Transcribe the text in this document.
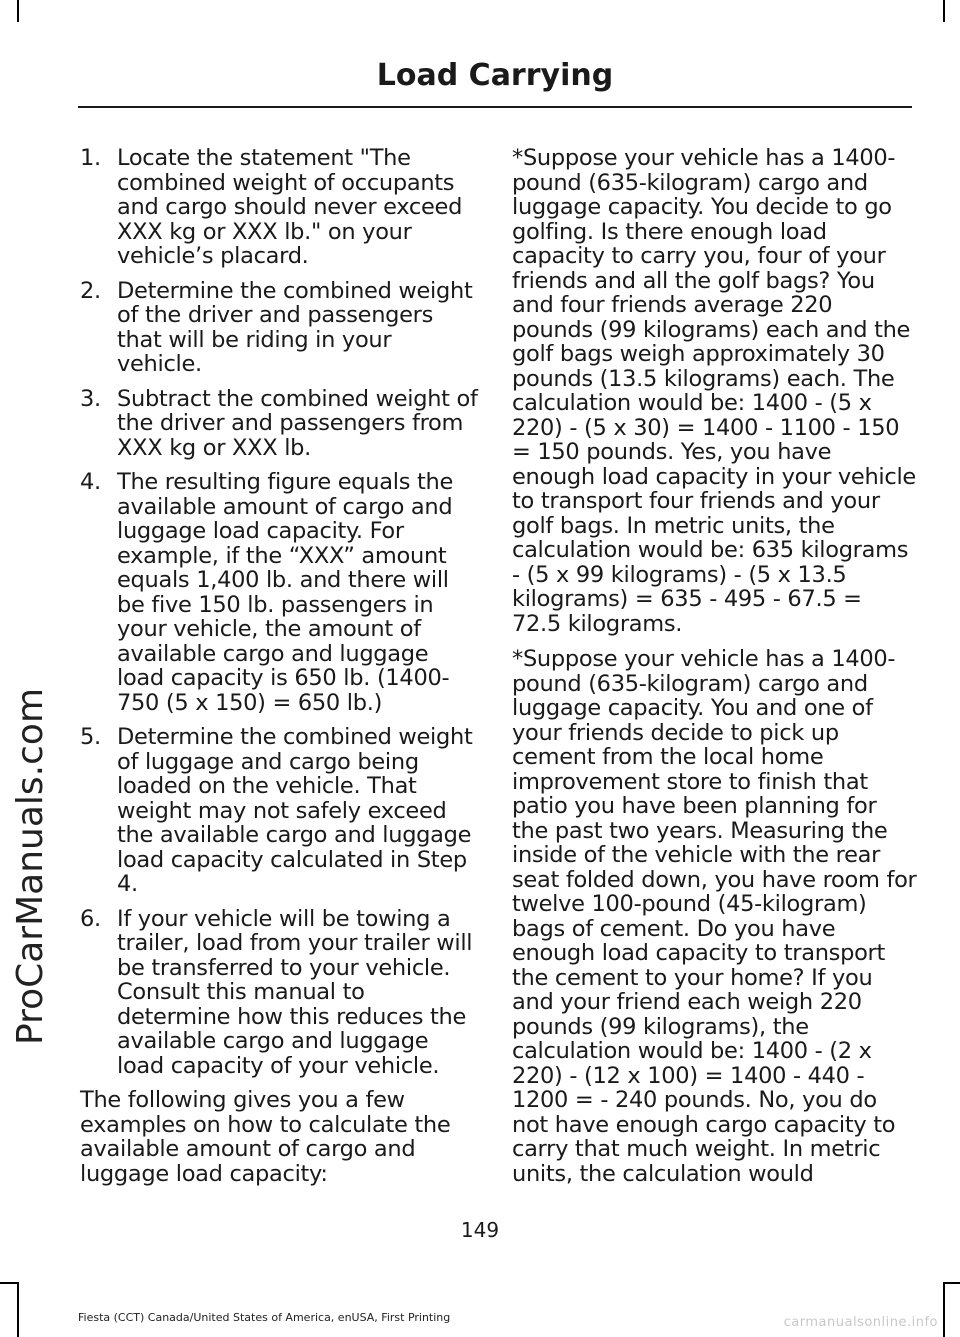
ProCarManuals.com
Load Carrying
1. Locate the statement "The combined weight of occupants and cargo should never exceed XXX kg or XXX lb." on your vehicle’s placard.
2. Determine the combined weight of the driver and passengers that will be riding in your vehicle.
3. Subtract the combined weight of the driver and passengers from XXX kg or XXX lb.
4. The resulting figure equals the available amount of cargo and luggage load capacity. For example, if the “XXX” amount equals 1,400 lb. and there will be five 150 lb. passengers in your vehicle, the amount of available cargo and luggage load capacity is 650 lb. (1400-750 (5 x 150) = 650 lb.)
5. Determine the combined weight of luggage and cargo being loaded on the vehicle. That weight may not safely exceed the available cargo and luggage load capacity calculated in Step 4.
6. If your vehicle will be towing a trailer, load from your trailer will be transferred to your vehicle. Consult this manual to determine how this reduces the available cargo and luggage load capacity of your vehicle.

The following gives you a few examples on how to calculate the available amount of cargo and luggage load capacity:

*Suppose your vehicle has a 1400-pound (635-kilogram) cargo and luggage capacity. You decide to go golfing. Is there enough load capacity to carry you, four of your friends and all the golf bags? You and four friends average 220 pounds (99 kilograms) each and the golf bags weigh approximately 30 pounds (13.5 kilograms) each. The calculation would be: 1400 - (5 x 220) - (5 x 30) = 1400 - 1100 - 150 = 150 pounds. Yes, you have enough load capacity in your vehicle to transport four friends and your golf bags. In metric units, the calculation would be: 635 kilograms - (5 x 99 kilograms) - (5 x 13.5 kilograms) = 635 - 495 - 67.5 = 72.5 kilograms.

*Suppose your vehicle has a 1400-pound (635-kilogram) cargo and luggage capacity. You and one of your friends decide to pick up cement from the local home improvement store to finish that patio you have been planning for the past two years. Measuring the inside of the vehicle with the rear seat folded down, you have room for twelve 100-pound (45-kilogram) bags of cement. Do you have enough load capacity to transport the cement to your home? If you and your friend each weigh 220 pounds (99 kilograms), the calculation would be: 1400 - (2 x 220) - (12 x 100) = 1400 - 440 - 1200 = - 240 pounds. No, you do not have enough cargo capacity to carry that much weight. In metric units, the calculation would

149
Fiesta (CCT) Canada/United States of America, enUSA, First Printing	carmanualsonline.info
